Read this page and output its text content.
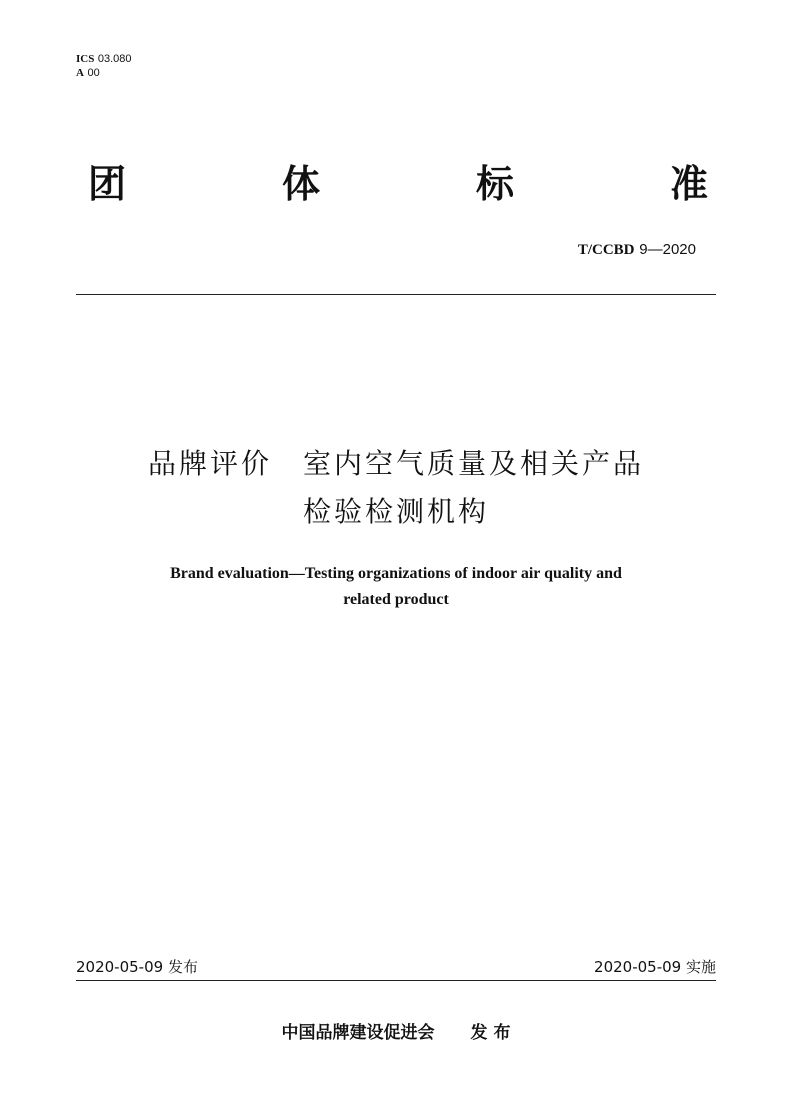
ICS 03.080
A 00
团	体	标	准
T/CCBD 9—2020
品牌评价　室内空气质量及相关产品
检验检测机构
Brand evaluation—Testing organizations of indoor air quality and
related product
2020-05-09 发布	2020-05-09 实施
中国品牌建设促进会 发 布
